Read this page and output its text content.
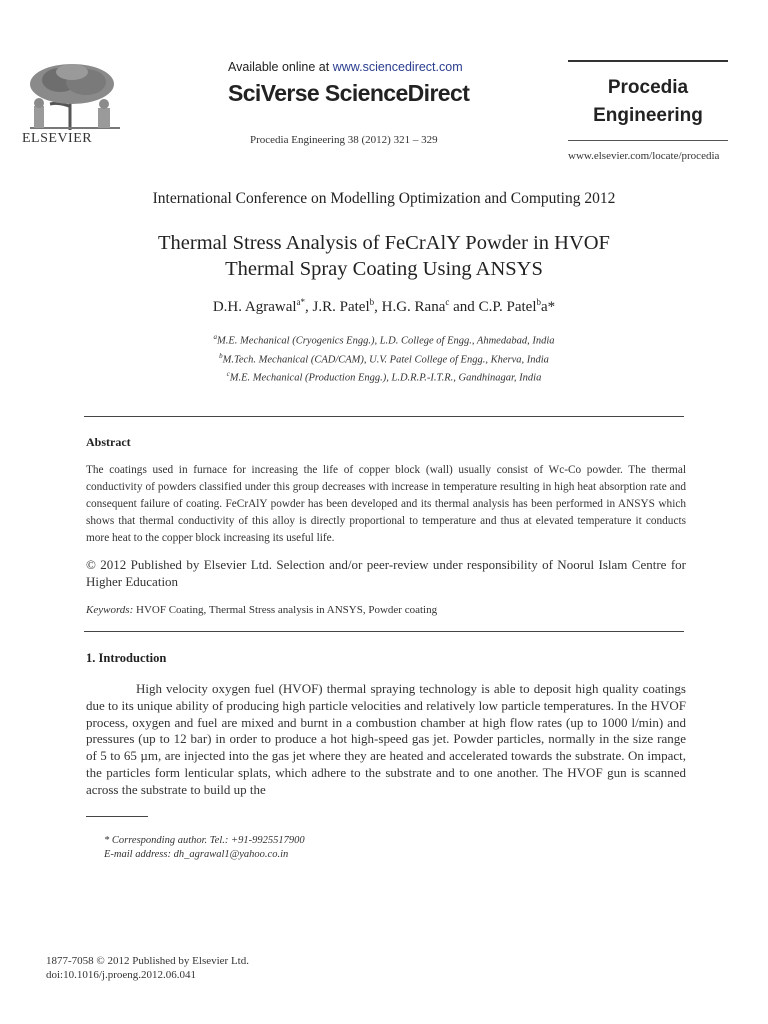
ELSEVIER
Available online at www.sciencedirect.com
SciVerse ScienceDirect
Procedia Engineering 38 (2012) 321 – 329
Procedia
Engineering
www.elsevier.com/locate/procedia
International Conference on Modelling Optimization and Computing 2012
Thermal Stress Analysis of FeCrAlY Powder in HVOF
Thermal Spray Coating Using ANSYS
D.H. Agrawal$^{a*}$, J.R. Patel$^b$, H.G. Rana$^c$ and C.P. Patel$^b$a*
$^a$M.E. Mechanical (Cryogenics Engg.), L.D. College of Engg., Ahmedabad, India
$^b$M.Tech. Mechanical (CAD/CAM), U.V. Patel College of Engg., Kherva, India
$^c$M.E. Mechanical (Production Engg.), L.D.R.P.-I.T.R., Gandhinagar, India
Abstract
The coatings used in furnace for increasing the life of copper block (wall) usually consist of Wc-Co powder. The thermal conductivity of powders classified under this group decreases with increase in temperature resulting in high heat absorption rate and consequent failure of coating. FeCrAlY powder has been developed and its thermal analysis has been performed in ANSYS which shows that thermal conductivity of this alloy is directly proportional to temperature and thus at elevated temperature it conducts more heat to the copper block increasing its useful life.
© 2012 Published by Elsevier Ltd. Selection and/or peer-review under responsibility of Noorul Islam Centre for Higher Education
Keywords: HVOF Coating, Thermal Stress analysis in ANSYS, Powder coating
1. Introduction
High velocity oxygen fuel (HVOF) thermal spraying technology is able to deposit high quality coatings due to its unique ability of producing high particle velocities and relatively low particle temperatures. In the HVOF process, oxygen and fuel are mixed and burnt in a combustion chamber at high flow rates (up to 1000 l/min) and pressures (up to 12 bar) in order to produce a hot high-speed gas jet. Powder particles, normally in the size range of 5 to 65 µm, are injected into the gas jet where they are heated and accelerated towards the substrate. On impact, the particles form lenticular splats, which adhere to the substrate and to one another. The HVOF gun is scanned across the substrate to build up the
* Corresponding author. Tel.: +91-9925517900
E-mail address: dh_agrawal1@yahoo.co.in
1877-7058 © 2012 Published by Elsevier Ltd.
doi:10.1016/j.proeng.2012.06.041
